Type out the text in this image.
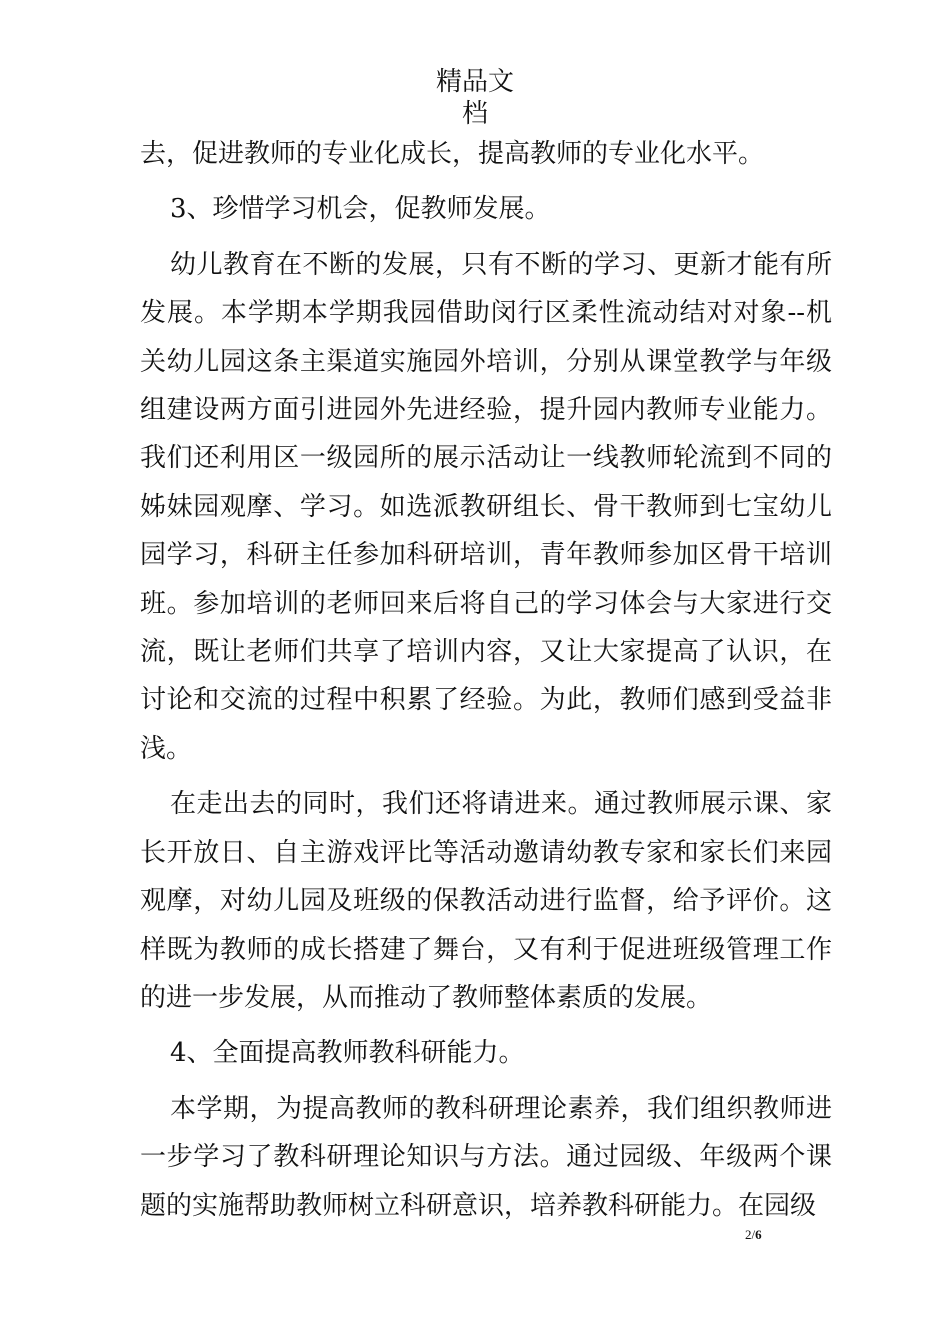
精品文
档

去，促进教师的专业化成长，提高教师的专业化水平。

3、珍惜学习机会，促教师发展。

幼儿教育在不断的发展，只有不断的学习、更新才能有所发展。本学期本学期我园借助闵行区柔性流动结对对象--机关幼儿园这条主渠道实施园外培训，分别从课堂教学与年级组建设两方面引进园外先进经验，提升园内教师专业能力。我们还利用区一级园所的展示活动让一线教师轮流到不同的姊妹园观摩、学习。如选派教研组长、骨干教师到七宝幼儿园学习，科研主任参加科研培训，青年教师参加区骨干培训班。参加培训的老师回来后将自己的学习体会与大家进行交流，既让老师们共享了培训内容，又让大家提高了认识，在讨论和交流的过程中积累了经验。为此，教师们感到受益非浅。

在走出去的同时，我们还将请进来。通过教师展示课、家长开放日、自主游戏评比等活动邀请幼教专家和家长们来园观摩，对幼儿园及班级的保教活动进行监督，给予评价。这样既为教师的成长搭建了舞台，又有利于促进班级管理工作的进一步发展，从而推动了教师整体素质的发展。

4、全面提高教师教科研能力。

本学期，为提高教师的教科研理论素养，我们组织教师进一步学习了教科研理论知识与方法。通过园级、年级两个课题的实施帮助教师树立科研意识，培养教科研能力。在园级

2/6
